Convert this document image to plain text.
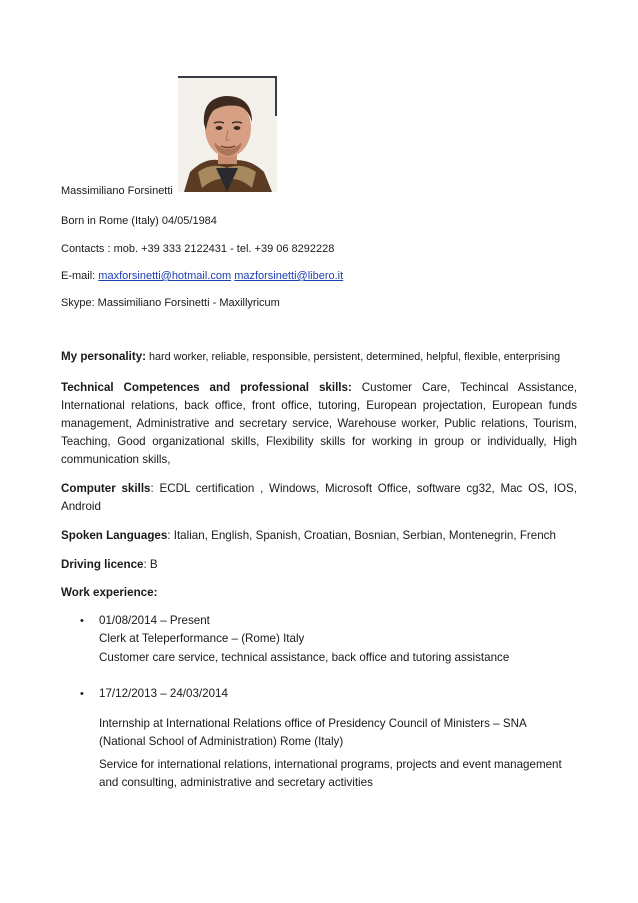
Massimiliano Forsinetti
Born in Rome (Italy) 04/05/1984
Contacts : mob. +39 333 2122431 - tel. +39 06 8292228
E-mail: maxforsinetti@hotmail.com mazforsinetti@libero.it
Skype: Massimiliano Forsinetti - Maxillyricum
My personality: hard worker, reliable, responsible, persistent, determined, helpful, flexible, enterprising
Technical Competences and professional skills: Customer Care, Techincal Assistance, International relations, back office, front office, tutoring, European projectation, European funds management, Administrative and secretary service, Warehouse worker, Public relations, Tourism, Teaching, Good organizational skills, Flexibility skills for working in group or individually, High communication skills,
Computer skills: ECDL certification , Windows, Microsoft Office, software cg32, Mac OS, IOS, Android
Spoken Languages: Italian, English, Spanish, Croatian, Bosnian, Serbian, Montenegrin, French
Driving licence: B
Work experience:
• 01/08/2014 – Present
Clerk at Teleperformance – (Rome) Italy
Customer care service, technical assistance, back office and tutoring assistance
• 17/12/2013 – 24/03/2014
Internship at International Relations office of Presidency Council of Ministers – SNA
(National School of Administration) Rome (Italy)
Service for international relations, international programs, projects and event management
and consulting, administrative and secretary activities
